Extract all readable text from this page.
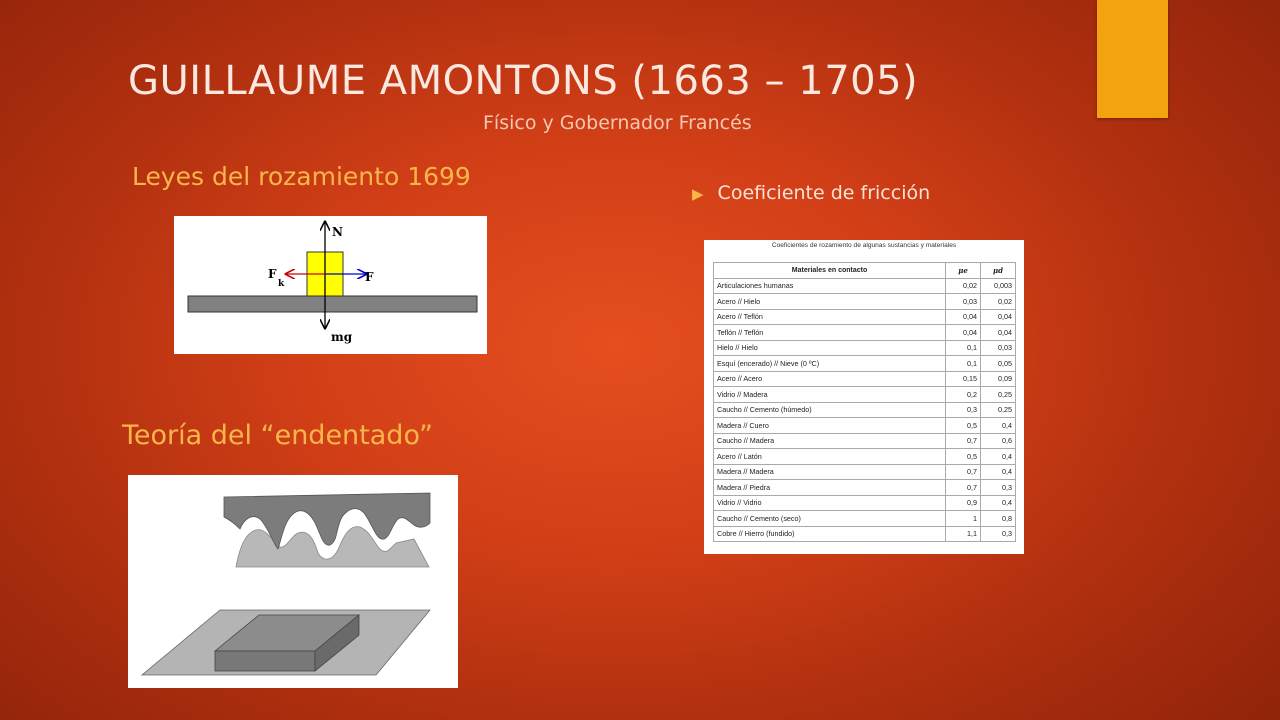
GUILLAUME AMONTONS (1663 – 1705)
Físico y Gobernador Francés
Leyes del rozamiento 1699
N
F
F
k
mg
Teoría del “endentado”
▶ Coeficiente de fricción
Coeficientes de rozamiento de algunas sustancias y materiales
Materiales en contacto	μe	μd
Articulaciones humanas	0,02	0,003
Acero // Hielo	0,03	0,02
Acero // Teflón	0,04	0,04
Teflón // Teflón	0,04	0,04
Hielo // Hielo	0,1	0,03
Esquí (encerado) // Nieve (0 ºC)	0,1	0,05
Acero // Acero	0,15	0,09
Vidrio // Madera	0,2	0,25
Caucho // Cemento (húmedo)	0,3	0,25
Madera // Cuero	0,5	0,4
Caucho // Madera	0,7	0,6
Acero // Latón	0,5	0,4
Madera // Madera	0,7	0,4
Madera // Piedra	0,7	0,3
Vidrio // Vidrio	0,9	0,4
Caucho // Cemento (seco)	1	0,8
Cobre // Hierro (fundido)	1,1	0,3
